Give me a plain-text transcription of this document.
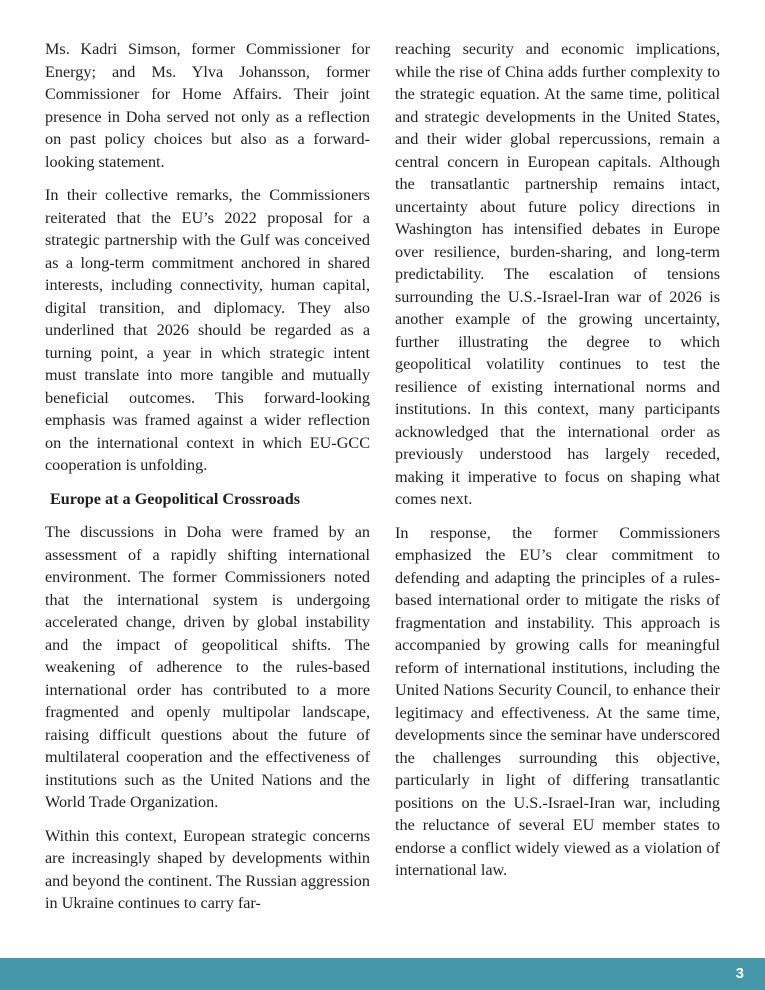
Ms. Kadri Simson, former Commissioner for Energy; and Ms. Ylva Johansson, former Commissioner for Home Affairs. Their joint presence in Doha served not only as a reflection on past policy choices but also as a forward-looking statement.

In their collective remarks, the Commissioners reiterated that the EU’s 2022 proposal for a strategic partnership with the Gulf was conceived as a long-term commitment anchored in shared interests, including connectivity, human capital, digital transition, and diplomacy. They also underlined that 2026 should be regarded as a turning point, a year in which strategic intent must translate into more tangible and mutually beneficial outcomes. This forward-looking emphasis was framed against a wider reflection on the international context in which EU-GCC cooperation is unfolding.

Europe at a Geopolitical Crossroads

The discussions in Doha were framed by an assessment of a rapidly shifting international environment. The former Commissioners noted that the international system is undergoing accelerated change, driven by global instability and the impact of geopolitical shifts. The weakening of adherence to the rules-based international order has contributed to a more fragmented and openly multipolar landscape, raising difficult questions about the future of multilateral cooperation and the effectiveness of institutions such as the United Nations and the World Trade Organization.

Within this context, European strategic concerns are increasingly shaped by developments within and beyond the continent. The Russian aggression in Ukraine continues to carry far-

reaching security and economic implications, while the rise of China adds further complexity to the strategic equation. At the same time, political and strategic developments in the United States, and their wider global repercussions, remain a central concern in European capitals. Although the transatlantic partnership remains intact, uncertainty about future policy directions in Washington has intensified debates in Europe over resilience, burden-sharing, and long-term predictability. The escalation of tensions surrounding the U.S.-Israel-Iran war of 2026 is another example of the growing uncertainty, further illustrating the degree to which geopolitical volatility continues to test the resilience of existing international norms and institutions. In this context, many participants acknowledged that the international order as previously understood has largely receded, making it imperative to focus on shaping what comes next.

In response, the former Commissioners emphasized the EU’s clear commitment to defending and adapting the principles of a rules-based international order to mitigate the risks of fragmentation and instability. This approach is accompanied by growing calls for meaningful reform of international institutions, including the United Nations Security Council, to enhance their legitimacy and effectiveness. At the same time, developments since the seminar have underscored the challenges surrounding this objective, particularly in light of differing transatlantic positions on the U.S.-Israel-Iran war, including the reluctance of several EU member states to endorse a conflict widely viewed as a violation of international law.

3
